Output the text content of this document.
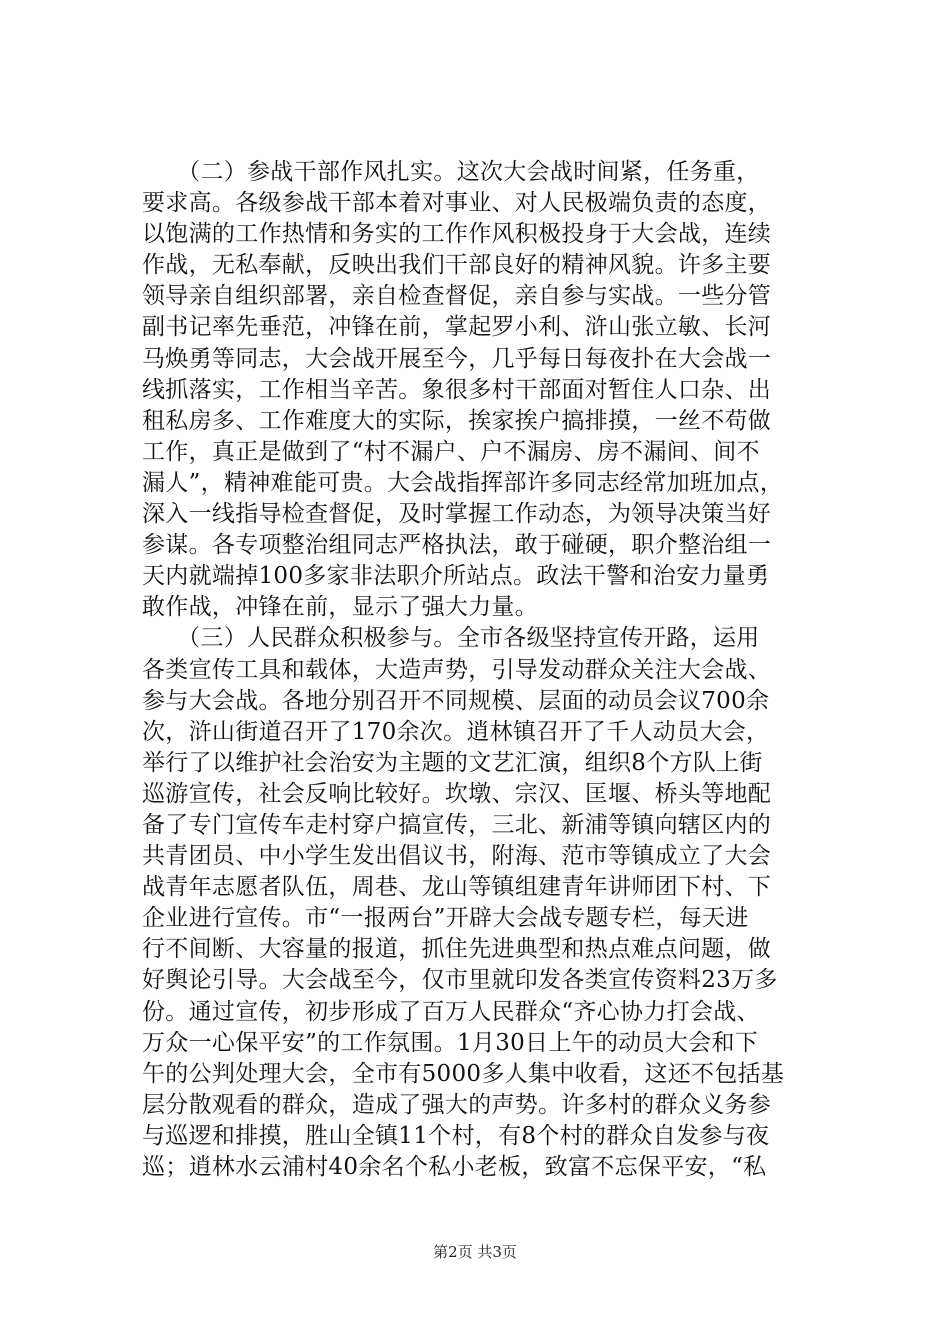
　　（二）参战干部作风扎实。这次大会战时间紧，任务重，
要求高。各级参战干部本着对事业、对人民极端负责的态度，
以饱满的工作热情和务实的工作作风积极投身于大会战，连续
作战，无私奉献，反映出我们干部良好的精神风貌。许多主要
领导亲自组织部署，亲自检查督促，亲自参与实战。一些分管
副书记率先垂范，冲锋在前，掌起罗小利、浒山张立敏、长河
马焕勇等同志，大会战开展至今，几乎每日每夜扑在大会战一
线抓落实，工作相当辛苦。象很多村干部面对暂住人口杂、出
租私房多、工作难度大的实际，挨家挨户搞排摸，一丝不苟做
工作，真正是做到了“村不漏户、户不漏房、房不漏间、间不
漏人”，精神难能可贵。大会战指挥部许多同志经常加班加点，
深入一线指导检查督促，及时掌握工作动态，为领导决策当好
参谋。各专项整治组同志严格执法，敢于碰硬，职介整治组一
天内就端掉100多家非法职介所站点。政法干警和治安力量勇
敢作战，冲锋在前，显示了强大力量。
　　（三）人民群众积极参与。全市各级坚持宣传开路，运用
各类宣传工具和载体，大造声势，引导发动群众关注大会战、
参与大会战。各地分别召开不同规模、层面的动员会议700余
次，浒山街道召开了170余次。逍林镇召开了千人动员大会，
举行了以维护社会治安为主题的文艺汇演，组织8个方队上街
巡游宣传，社会反响比较好。坎墩、宗汉、匡堰、桥头等地配
备了专门宣传车走村穿户搞宣传，三北、新浦等镇向辖区内的
共青团员、中小学生发出倡议书，附海、范市等镇成立了大会
战青年志愿者队伍，周巷、龙山等镇组建青年讲师团下村、下
企业进行宣传。市“一报两台”开辟大会战专题专栏，每天进
行不间断、大容量的报道，抓住先进典型和热点难点问题，做
好舆论引导。大会战至今，仅市里就印发各类宣传资料23万多
份。通过宣传，初步形成了百万人民群众“齐心协力打会战、
万众一心保平安”的工作氛围。1月30日上午的动员大会和下
午的公判处理大会，全市有5000多人集中收看，这还不包括基
层分散观看的群众，造成了强大的声势。许多村的群众义务参
与巡逻和排摸，胜山全镇11个村，有8个村的群众自发参与夜
巡；逍林水云浦村40余名个私小老板，致富不忘保平安，“私
第2页 共3页
